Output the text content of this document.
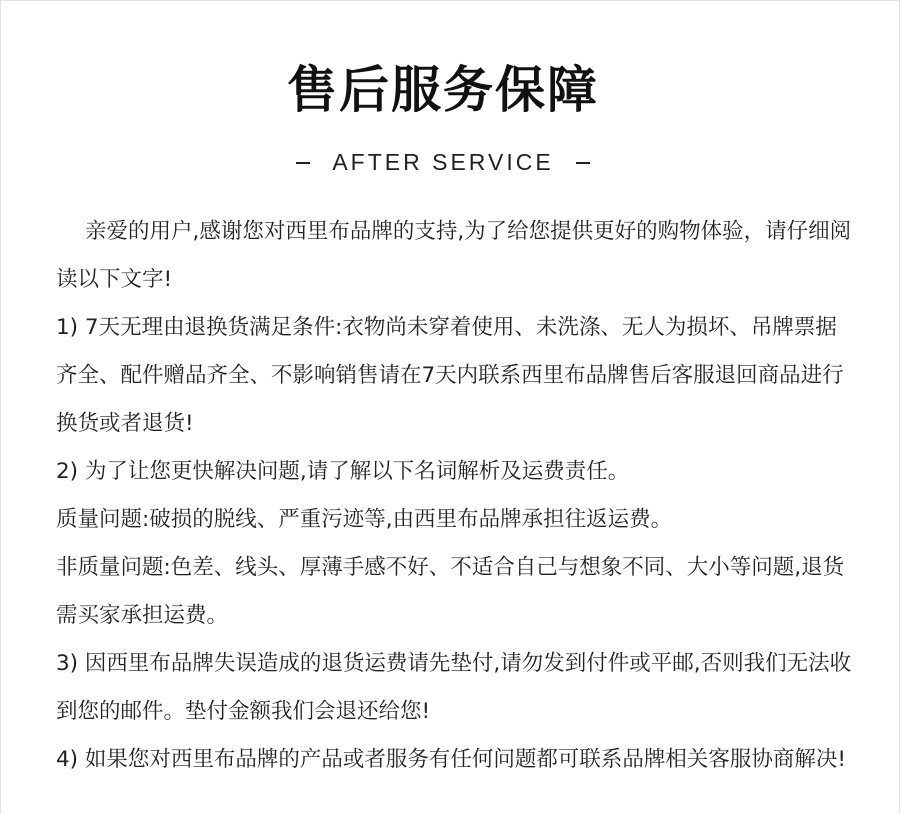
售后服务保障
AFTER SERVICE

亲爱的用户,感谢您对西里布品牌的支持,为了给您提供更好的购物体验，请仔细阅读以下文字!

1) 7天无理由退换货满足条件:衣物尚未穿着使用、未洗涤、无人为损坏、吊牌票据齐全、配件赠品齐全、不影响销售请在7天内联系西里布品牌售后客服退回商品进行换货或者退货!

2) 为了让您更快解决问题,请了解以下名词解析及运费责任。

质量问题:破损的脱线、严重污迹等,由西里布品牌承担往返运费。

非质量问题:色差、线头、厚薄手感不好、不适合自己与想象不同、大小等问题,退货需买家承担运费。

3) 因西里布品牌失误造成的退货运费请先垫付,请勿发到付件或平邮,否则我们无法收到您的邮件。垫付金额我们会退还给您!

4) 如果您对西里布品牌的产品或者服务有任何问题都可联系品牌相关客服协商解决!
